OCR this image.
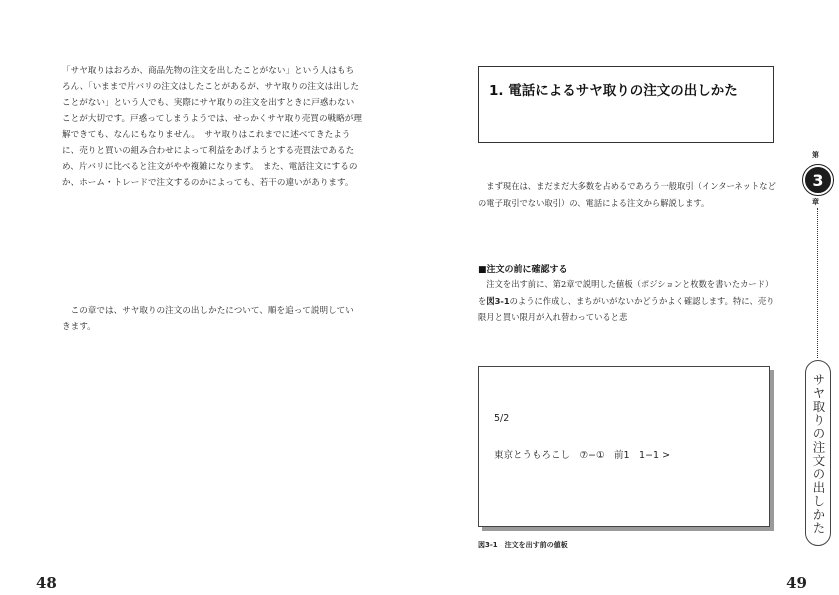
「サヤ取りはおろか、商品先物の注文を出したことがない」という人はもちろん、「いままで片バリの注文はしたことがあるが、サヤ取りの注文は出したことがない」という人でも、実際にサヤ取りの注文を出すときに戸惑わないことが大切です。戸惑ってしまうようでは、せっかくサヤ取り売買の戦略が理解できても、なんにもなりません。　サヤ取りはこれまでに述べてきたように、売りと買いの組み合わせによって利益をあげようとする売買法であるため、片バリに比べると注文がやや複雑になります。　また、電話注文にするのか、ホーム・トレードで注文するのかによっても、若干の違いがあります。

　この章では、サヤ取りの注文の出しかたについて、順を追って説明していきます。

48
1. 電話によるサヤ取りの注文の出しかた

まず現在は、まだまだ大多数を占めるであろう一般取引（インターネットなどの電子取引でない取引）の、電話による注文から解説します。

■注文の前に確認する

注文を出す前に、第2章で説明した値板（ポジションと枚数を書いたカード）を図3-1のように作成し、まちがいがないかどうかよく確認します。特に、売り限月と買い限月が入れ替わっていると悲

5/2

東京とうもろこし　⑦−①　前1　1−1 >

図3-1　注文を出す前の値板

第
3
章
サヤ取りの注文の出しかた
49
